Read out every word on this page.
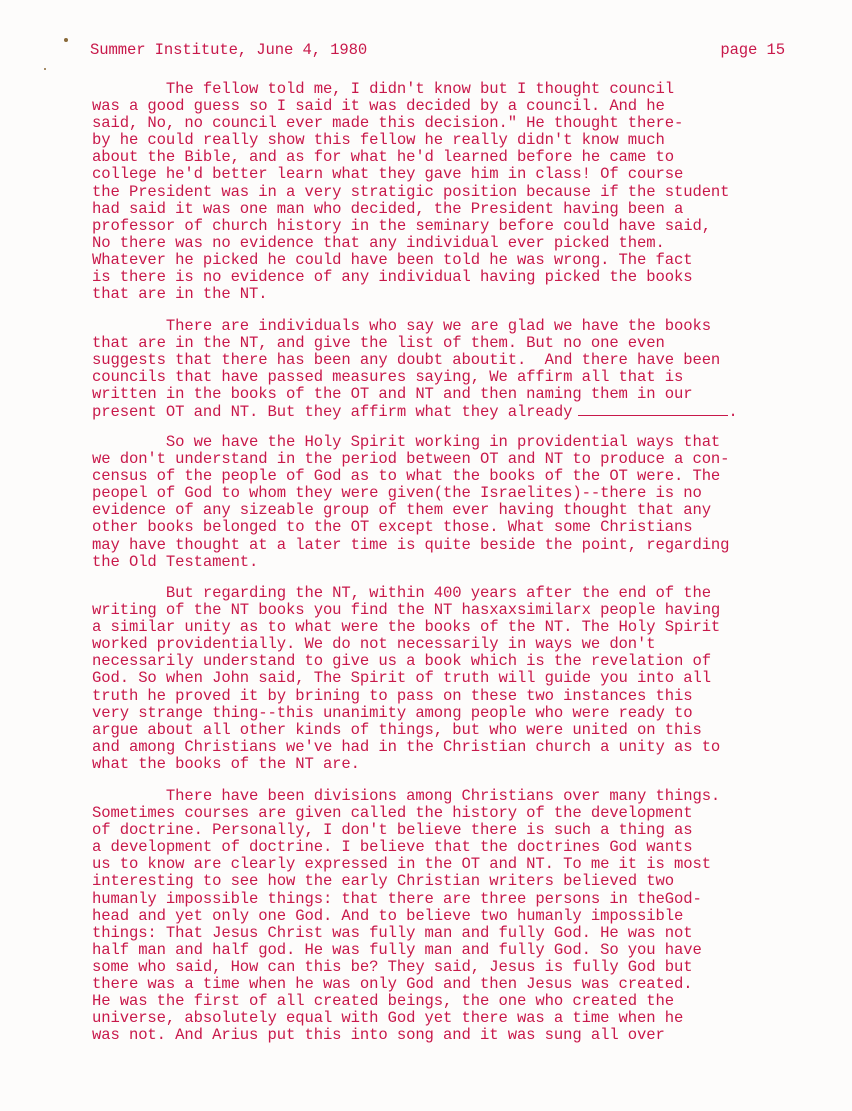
Summer Institute, June 4, 1980	page 15
The fellow told me, I didn't know but I thought council
was a good guess so I said it was decided by a council. And he
said, No, no council ever made this decision." He thought there-
by he could really show this fellow he really didn't know much
about the Bible, and as for what he'd learned before he came to
college he'd better learn what they gave him in class! Of course
the President was in a very stratigic position because if the student
had said it was one man who decided, the President having been a
professor of church history in the seminary before could have said,
No there was no evidence that any individual ever picked them.
Whatever he picked he could have been told he was wrong. The fact
is there is no evidence of any individual having picked the books
that are in the NT.
There are individuals who say we are glad we have the books
that are in the NT, and give the list of them. But no one even
suggests that there has been any doubt aboutit.  And there have been
councils that have passed measures saying, We affirm all that is
written in the books of the OT and NT and then naming them in our
present OT and NT. But they affirm what they already	.
So we have the Holy Spirit working in providential ways that
we don't understand in the period between OT and NT to produce a con-
census of the people of God as to what the books of the OT were. The
peopel of God to whom they were given(the Israelites)--there is no
evidence of any sizeable group of them ever having thought that any
other books belonged to the OT except those. What some Christians
may have thought at a later time is quite beside the point, regarding
the Old Testament.
But regarding the NT, within 400 years after the end of the
writing of the NT books you find the NT hasxaxsimilarx people having
a similar unity as to what were the books of the NT. The Holy Spirit
worked providentially. We do not necessarily in ways we don't
necessarily understand to give us a book which is the revelation of
God. So when John said, The Spirit of truth will guide you into all
truth he proved it by brining to pass on these two instances this
very strange thing--this unanimity among people who were ready to
argue about all other kinds of things, but who were united on this
and among Christians we've had in the Christian church a unity as to
what the books of the NT are.
There have been divisions among Christians over many things.
Sometimes courses are given called the history of the development
of doctrine. Personally, I don't believe there is such a thing as
a development of doctrine. I believe that the doctrines God wants
us to know are clearly expressed in the OT and NT. To me it is most
interesting to see how the early Christian writers believed two
humanly impossible things: that there are three persons in theGod-
head and yet only one God. And to believe two humanly impossible
things: That Jesus Christ was fully man and fully God. He was not
half man and half god. He was fully man and fully God. So you have
some who said, How can this be? They said, Jesus is fully God but
there was a time when he was only God and then Jesus was created.
He was the first of all created beings, the one who created the
universe, absolutely equal with God yet there was a time when he
was not. And Arius put this into song and it was sung all over
